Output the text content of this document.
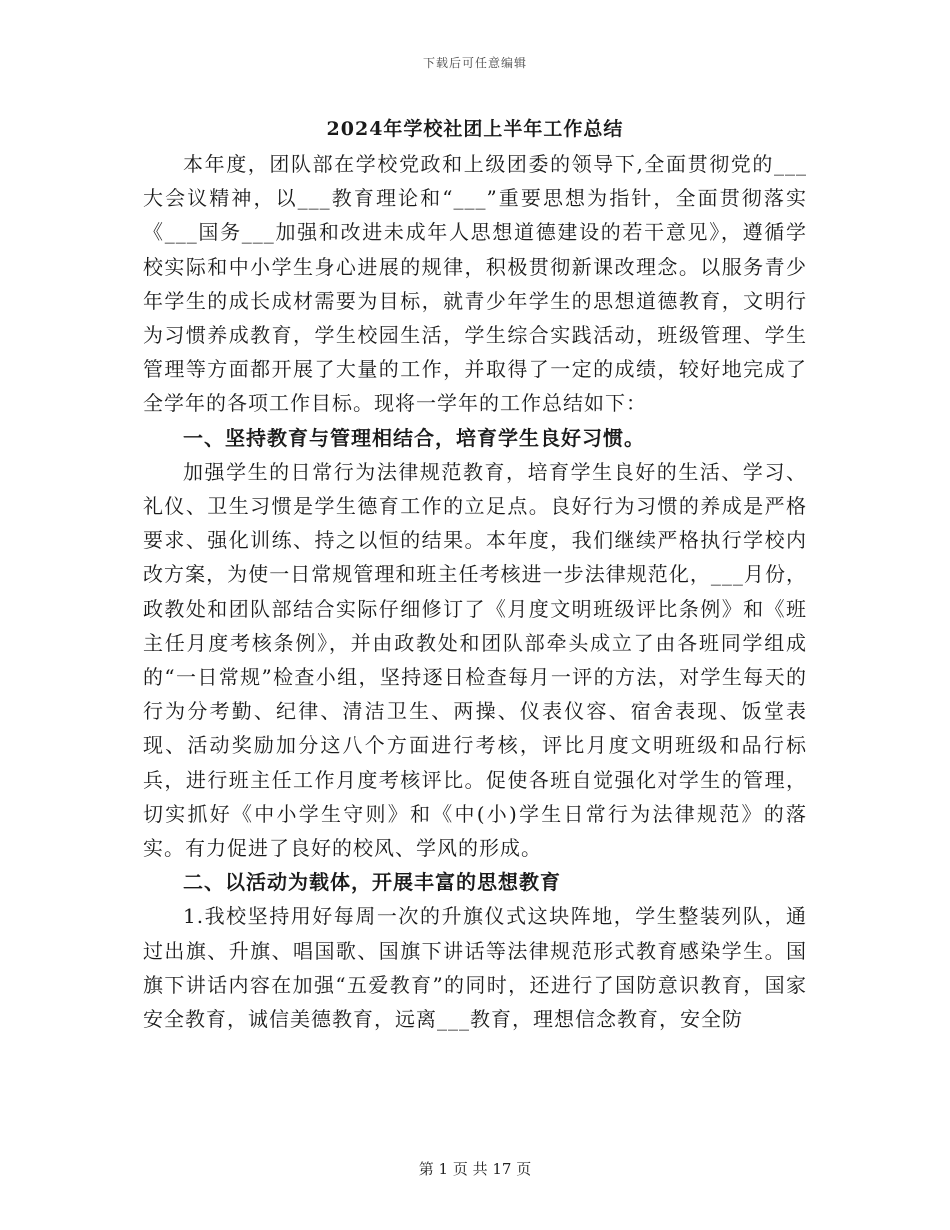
下载后可任意编辑
2024年学校社团上半年工作总结

本年度，团队部在学校党政和上级团委的领导下,全面贯彻党的___大会议精神，以___教育理论和“___”重要思想为指针，全面贯彻落实《___国务___加强和改进未成年人思想道德建设的若干意见》，遵循学校实际和中小学生身心进展的规律，积极贯彻新课改理念。以服务青少年学生的成长成材需要为目标，就青少年学生的思想道德教育，文明行为习惯养成教育，学生校园生活，学生综合实践活动，班级管理、学生管理等方面都开展了大量的工作，并取得了一定的成绩，较好地完成了全学年的各项工作目标。现将一学年的工作总结如下：

一、坚持教育与管理相结合，培育学生良好习惯。

加强学生的日常行为法律规范教育，培育学生良好的生活、学习、礼仪、卫生习惯是学生德育工作的立足点。良好行为习惯的养成是严格要求、强化训练、持之以恒的结果。本年度，我们继续严格执行学校内改方案，为使一日常规管理和班主任考核进一步法律规范化，___月份，政教处和团队部结合实际仔细修订了《月度文明班级评比条例》和《班主任月度考核条例》，并由政教处和团队部牵头成立了由各班同学组成的“一日常规”检查小组，坚持逐日检查每月一评的方法，对学生每天的行为分考勤、纪律、清洁卫生、两操、仪表仪容、宿舍表现、饭堂表现、活动奖励加分这八个方面进行考核，评比月度文明班级和品行标兵，进行班主任工作月度考核评比。促使各班自觉强化对学生的管理，切实抓好《中小学生守则》和《中(小)学生日常行为法律规范》的落实。有力促进了良好的校风、学风的形成。

二、以活动为载体，开展丰富的思想教育

1.我校坚持用好每周一次的升旗仪式这块阵地，学生整装列队，通过出旗、升旗、唱国歌、国旗下讲话等法律规范形式教育感染学生。国旗下讲话内容在加强“五爱教育”的同时，还进行了国防意识教育，国家安全教育，诚信美德教育，远离___教育，理想信念教育，安全防

第 1 页 共 17 页
